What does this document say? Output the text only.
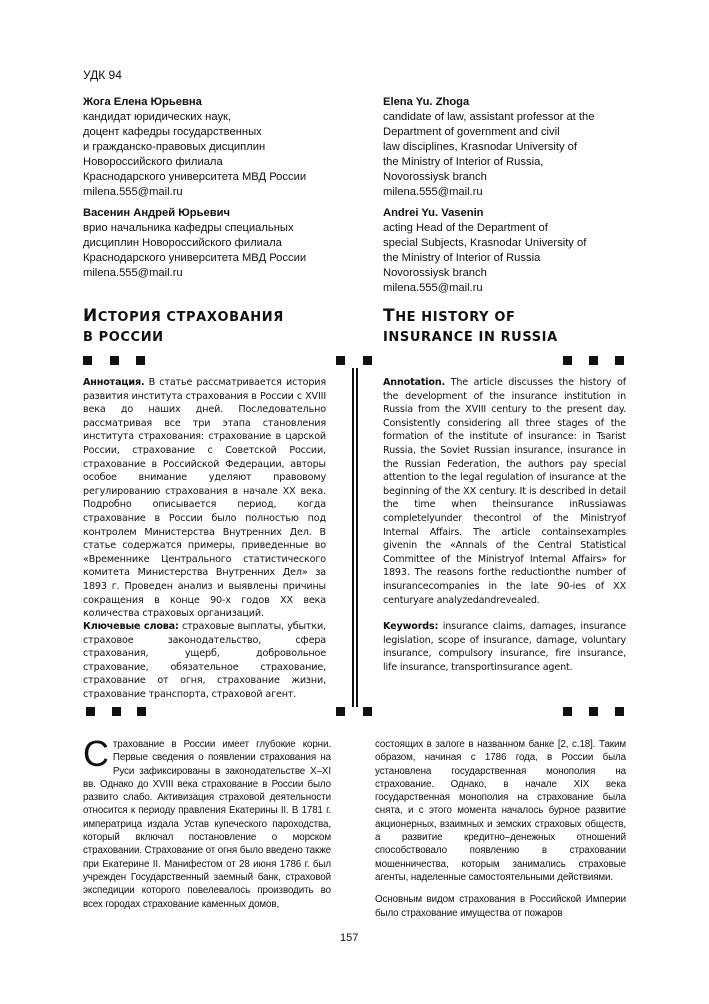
УДК 94
Жога Елена Юрьевна
кандидат юридических наук,
доцент кафедры государственных
и гражданско-правовых дисциплин
Новороссийского филиала
Краснодарского университета МВД России
milena.555@mail.ru
Elena Yu. Zhoga
candidate of law, assistant professor at the
Department of government and civil
law disciplines, Krasnodar University of
the Ministry of Interior of Russia,
Novorossiysk branch
milena.555@mail.ru
Васенин Андрей Юрьевич
врио начальника кафедры специальных
дисциплин Новороссийского филиала
Краснодарского университета МВД России
milena.555@mail.ru
Andrei Yu. Vasenin
acting Head of the Department of
special Subjects, Krasnodar University of
the Ministry of Interior of Russia
Novorossiysk branch
milena.555@mail.ru
ИСТОРИЯ СТРАХОВАНИЯ
В РОССИИ
THE HISTORY OF
INSURANCE IN RUSSIA
Аннотация. В статье рассматривается история развития института страхования в России с XVIII века до наших дней. Последовательно рассматривая все три этапа становления института страхования: страхование в царской России, страхование с Советской России, страхование в Российской Федерации, авторы особое внимание уделяют правовому регулированию страхования в начале XX века. Подробно описывается период, когда страхование в России было полностью под контролем Министерства Внутренних Дел. В статье содержатся примеры, приведенные во «Временнике Центрального статистического комитета Министерства Внутренних Дел» за 1893 г. Проведен анализ и выявлены причины сокращения в конце 90-х годов XX века количества страховых организаций.
Annotation. The article discusses the history of the development of the insurance institution in Russia from the XVIII century to the present day. Consistently considering all three stages of the formation of the institute of insurance: in Tsarist Russia, the Soviet Russian insurance, insurance in the Russian Federation, the authors pay special attention to the legal regulation of insurance at the beginning of the XX century. It is described in detail the time when theinsurance inRussiawas completelyunder thecontrol of the Ministryof Internal Affairs. The article containsexamples givenin the «Annals of the Central Statistical Committee of the Ministryof Internal Affairs» for 1893. The reasons forthe reductionthe number of insurancecompanies in the late 90-ies of XX centuryare analyzedandrevealed.
Ключевые слова: страховые выплаты, убытки, страховое законодательство, сфера страхования, ущерб, добровольное страхование, обязательное страхование, страхование от огня, страхование жизни, страхование транспорта, страховой агент.
Keywords: insurance claims, damages, insurance legislation, scope of insurance, damage, voluntary insurance, compulsory insurance, fire insurance, life insurance, transportinsurance agent.
Страхование в России имеет глубокие корни. Первые сведения о появлении страхования на Руси зафиксированы в законодательстве X–XI вв. Однако до XVIII века страхование в России было развито слабо. Активизация страховой деятельности относится к периоду правления Екатерины II. В 1781 г. императрица издала Устав купеческого пароходства, который включал постановление о морском страховании. Страхование от огня было введено также при Екатерине II. Манифестом от 28 июня 1786 г. был учрежден Государственный заемный банк, страховой экспедиции которого повелевалось производить во всех городах страхование каменных домов,
состоящих в залоге в названном банке [2, с.18]. Таким образом, начиная с 1786 года, в России была установлена государственная монополия на страхование. Однако, в начале XIX века государственная монополия на страхование была снята, и с этого момента началось бурное развитие акционерных, взаимных и земских страховых обществ, а развитие кредитно–денежных отношений способствовало появлению в страховании мошенничества, которым занимались страховые агенты, наделенные самостоятельными действиями.
Основным видом страхования в Российской Империи было страхование имущества от пожаров
157
